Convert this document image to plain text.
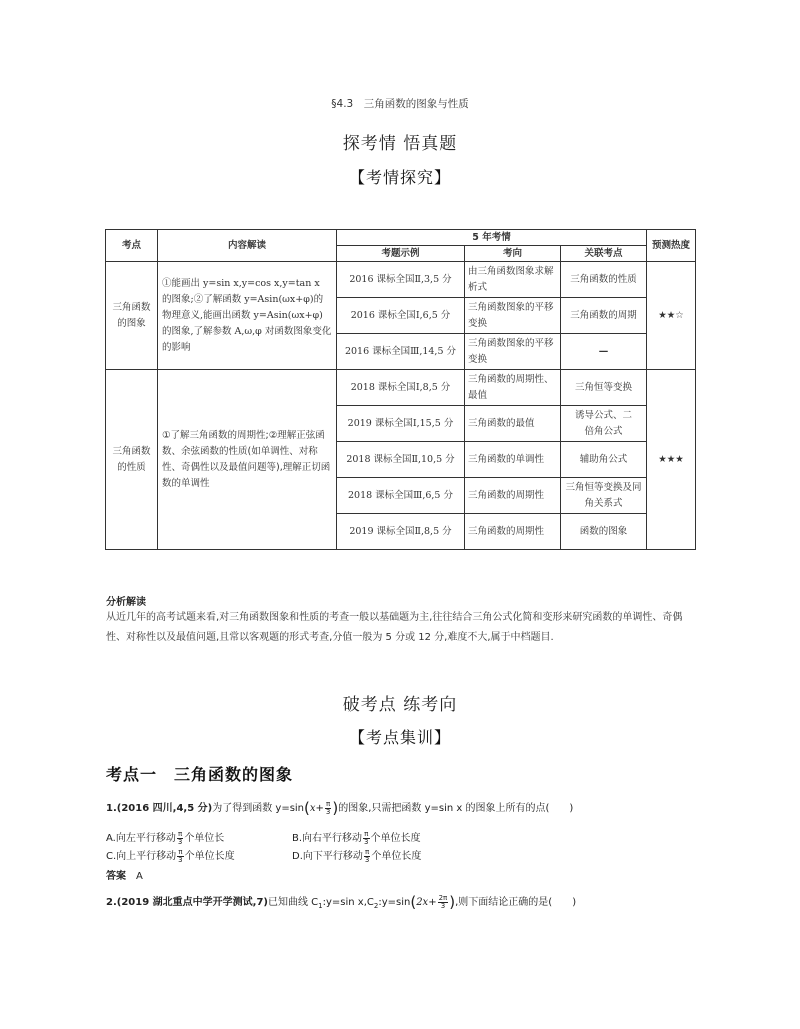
§4.3　三角函数的图象与性质
探考情 悟真题
【考情探究】
考点	内容解读	5 年考情			预测热度
		考题示例	考向	关联考点	
三角函数的图象	①能画出 y=sin x,y=cos x,y=tan x 的图象;②了解函数 y=Asin(ωx+φ)的物理意义,能画出函数 y=Asin(ωx+φ)的图象,了解参数 A,ω,φ 对函数图象变化的影响	2016 课标全国Ⅱ,3,5 分	由三角函数图象求解析式	三角函数的性质	★★☆
		2016 课标全国Ⅰ,6,5 分	三角函数图象的平移变换	三角函数的周期	
		2016 课标全国Ⅲ,14,5 分	三角函数图象的平移变换	—	
三角函数的性质	①了解三角函数的周期性;②理解正弦函数、余弦函数的性质(如单调性、对称性、奇偶性以及最值问题等),理解正切函数的单调性	2018 课标全国Ⅰ,8,5 分	三角函数的周期性、最值	三角恒等变换	★★★
		2019 课标全国Ⅰ,15,5 分	三角函数的最值	诱导公式、二倍角公式	
		2018 课标全国Ⅱ,10,5 分	三角函数的单调性	辅助角公式	
		2018 课标全国Ⅲ,6,5 分	三角函数的周期性	三角恒等变换及同角关系式	
		2019 课标全国Ⅱ,8,5 分	三角函数的周期性	函数的图象	
分析解读
从近几年的高考试题来看,对三角函数图象和性质的考查一般以基础题为主,往往结合三角公式化简和变形来研究函数的单调性、奇偶性、对称性以及最值问题,且常以客观题的形式考查,分值一般为 5 分或 12 分,难度不大,属于中档题目.
破考点 练考向
【考点集训】
考点一　三角函数的图象
1.(2016 四川,4,5 分)为了得到函数 $y=\sin(x+ \frac{\pi}{3}$ )的图象,只需把函数 y=sin x 的图象上所有的点(　　)
A.向左平行移动 $\frac{\pi}{3}$ 个单位长	B.向右平行移动 $\frac{\pi}{3}$ 个单位长度
C.向上平行移动 $\frac{\pi}{3}$ 个单位长度	D.向下平行移动 $\frac{\pi}{3}$ 个单位长度
答案　 A
2.(2019 湖北重点中学开学测试,7)已知曲线 $C_1:y=\sin$ $x,C_2:y=\sin(2x+ \frac{2\pi}{3}$ ),则下面结论正确的是(　　)
